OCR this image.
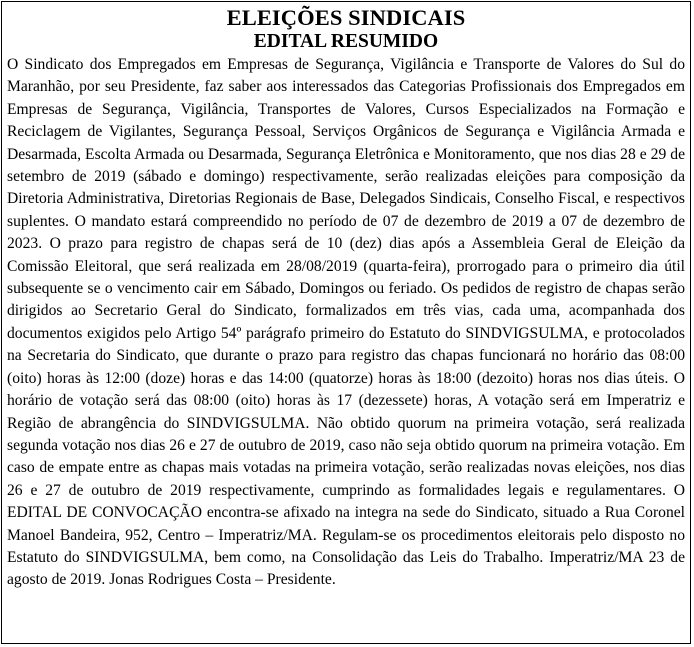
ELEIÇÕES SINDICAIS
EDITAL RESUMIDO

O Sindicato dos Empregados em Empresas de Segurança, Vigilância e Transporte de Valores do Sul do Maranhão, por seu Presidente, faz saber aos interessados das Categorias Profissionais dos Empregados em Empresas de Segurança, Vigilância, Transportes de Valores, Cursos Especializados na Formação e Reciclagem de Vigilantes, Segurança Pessoal, Serviços Orgânicos de Segurança e Vigilância Armada e Desarmada, Escolta Armada ou Desarmada, Segurança Eletrônica e Monitoramento, que nos dias 28 e 29 de setembro de 2019 (sábado e domingo) respectivamente, serão realizadas eleições para composição da Diretoria Administrativa, Diretorias Regionais de Base, Delegados Sindicais, Conselho Fiscal, e respectivos suplentes. O mandato estará compreendido no período de 07 de dezembro de 2019 a 07 de dezembro de 2023. O prazo para registro de chapas será de 10 (dez) dias após a Assembleia Geral de Eleição da Comissão Eleitoral, que será realizada em 28/08/2019 (quarta-feira), prorrogado para o primeiro dia útil subsequente se o vencimento cair em Sábado, Domingos ou feriado. Os pedidos de registro de chapas serão dirigidos ao Secretario Geral do Sindicato, formalizados em três vias, cada uma, acompanhada dos documentos exigidos pelo Artigo 54º parágrafo primeiro do Estatuto do SINDVIGSULMA, e protocolados na Secretaria do Sindicato, que durante o prazo para registro das chapas funcionará no horário das 08:00 (oito) horas às 12:00 (doze) horas e das 14:00 (quatorze) horas às 18:00 (dezoito) horas nos dias úteis. O horário de votação será das 08:00 (oito) horas às 17 (dezessete) horas, A votação será em Imperatriz e Região de abrangência do SINDVIGSULMA. Não obtido quorum na primeira votação, será realizada segunda votação nos dias 26 e 27 de outubro de 2019, caso não seja obtido quorum na primeira votação. Em caso de empate entre as chapas mais votadas na primeira votação, serão realizadas novas eleições, nos dias 26 e 27 de outubro de 2019 respectivamente, cumprindo as formalidades legais e regulamentares. O EDITAL DE CONVOCAÇÃO encontra-se afixado na integra na sede do Sindicato, situado a Rua Coronel Manoel Bandeira, 952, Centro – Imperatriz/MA. Regulam-se os procedimentos eleitorais pelo disposto no Estatuto do SINDVIGSULMA, bem como, na Consolidação das Leis do Trabalho. Imperatriz/MA 23 de agosto de 2019. Jonas Rodrigues Costa – Presidente.
